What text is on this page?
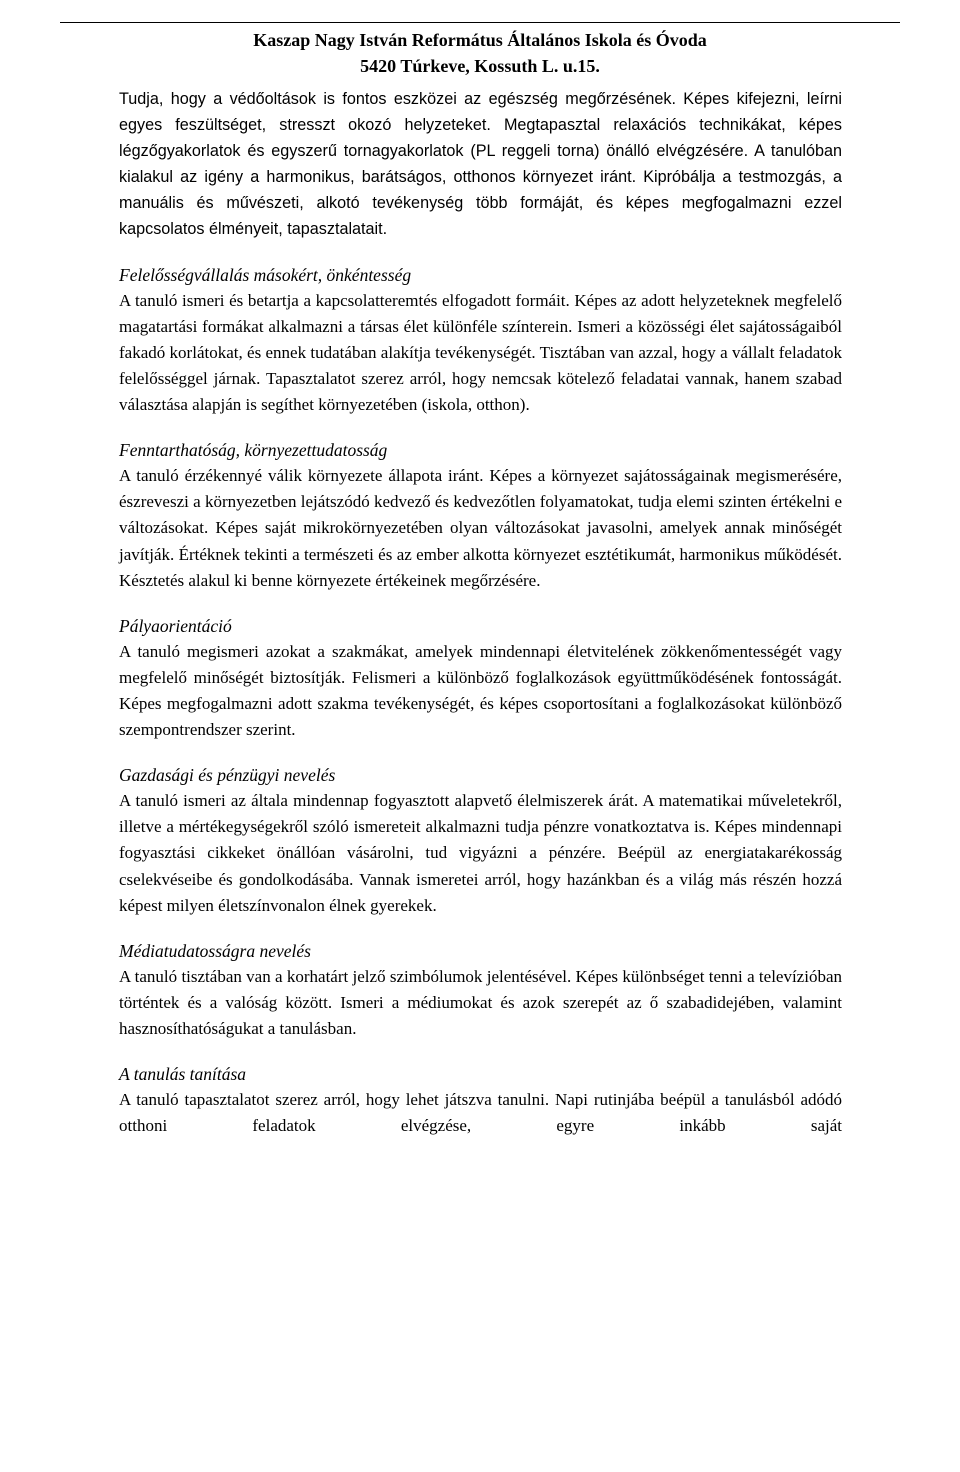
Kaszap Nagy István Református Általános Iskola és Óvoda
5420 Túrkeve, Kossuth L. u.15.

Tudja, hogy a védőoltások is fontos eszközei az egészség megőrzésének. Képes kifejezni, leírni egyes feszültséget, stresszt okozó helyzeteket. Megtapasztal relaxációs technikákat, képes légzőgyakorlatok és egyszerű tornagyakorlatok (PL reggeli torna) önálló elvégzésére. A tanulóban kialakul az igény a harmonikus, barátságos, otthonos környezet iránt. Kipróbálja a testmozgás, a manuális és művészeti, alkotó tevékenység több formáját, és képes megfogalmazni ezzel kapcsolatos élményeit, tapasztalatait.

Felelősségvállalás másokért, önkéntesség

A tanuló ismeri és betartja a kapcsolatteremtés elfogadott formáit. Képes az adott helyzeteknek megfelelő magatartási formákat alkalmazni a társas élet különféle színterein. Ismeri a közösségi élet sajátosságaiból fakadó korlátokat, és ennek tudatában alakítja tevékenységét. Tisztában van azzal, hogy a vállalt feladatok felelősséggel járnak. Tapasztalatot szerez arról, hogy nemcsak kötelező feladatai vannak, hanem szabad választása alapján is segíthet környezetében (iskola, otthon).

Fenntarthatóság, környezettudatosság

A tanuló érzékennyé válik környezete állapota iránt. Képes a környezet sajátosságainak megismerésére, észreveszi a környezetben lejátszódó kedvező és kedvezőtlen folyamatokat, tudja elemi szinten értékelni e változásokat. Képes saját mikrokörnyezetében olyan változásokat javasolni, amelyek annak minőségét javítják. Értéknek tekinti a természeti és az ember alkotta környezet esztétikumát, harmonikus működését. Késztetés alakul ki benne környezete értékeinek megőrzésére.

Pályaorientáció

A tanuló megismeri azokat a szakmákat, amelyek mindennapi életvitelének zökkenőmentességét vagy megfelelő minőségét biztosítják. Felismeri a különböző foglalkozások együttműködésének fontosságát. Képes megfogalmazni adott szakma tevékenységét, és képes csoportosítani a foglalkozásokat különböző szempontrendszer szerint.

Gazdasági és pénzügyi nevelés

A tanuló ismeri az általa mindennap fogyasztott alapvető élelmiszerek árát. A matematikai műveletekről, illetve a mértékegységekről szóló ismereteit alkalmazni tudja pénzre vonatkoztatva is. Képes mindennapi fogyasztási cikkeket önállóan vásárolni, tud vigyázni a pénzére. Beépül az energiatakarékosság cselekvéseibe és gondolkodásába. Vannak ismeretei arról, hogy hazánkban és a világ más részén hozzá képest milyen életszínvonalon élnek gyerekek.

Médiatudatosságra nevelés

A tanuló tisztában van a korhatárt jelző szimbólumok jelentésével. Képes különbséget tenni a televízióban történtek és a valóság között. Ismeri a médiumokat és azok szerepét az ő szabadidejében, valamint hasznosíthatóságukat a tanulásban.

A tanulás tanítása

A tanuló tapasztalatot szerez arról, hogy lehet játszva tanulni. Napi rutinjába beépül a tanulásból adódó otthoni feladatok elvégzése, egyre inkább saját
